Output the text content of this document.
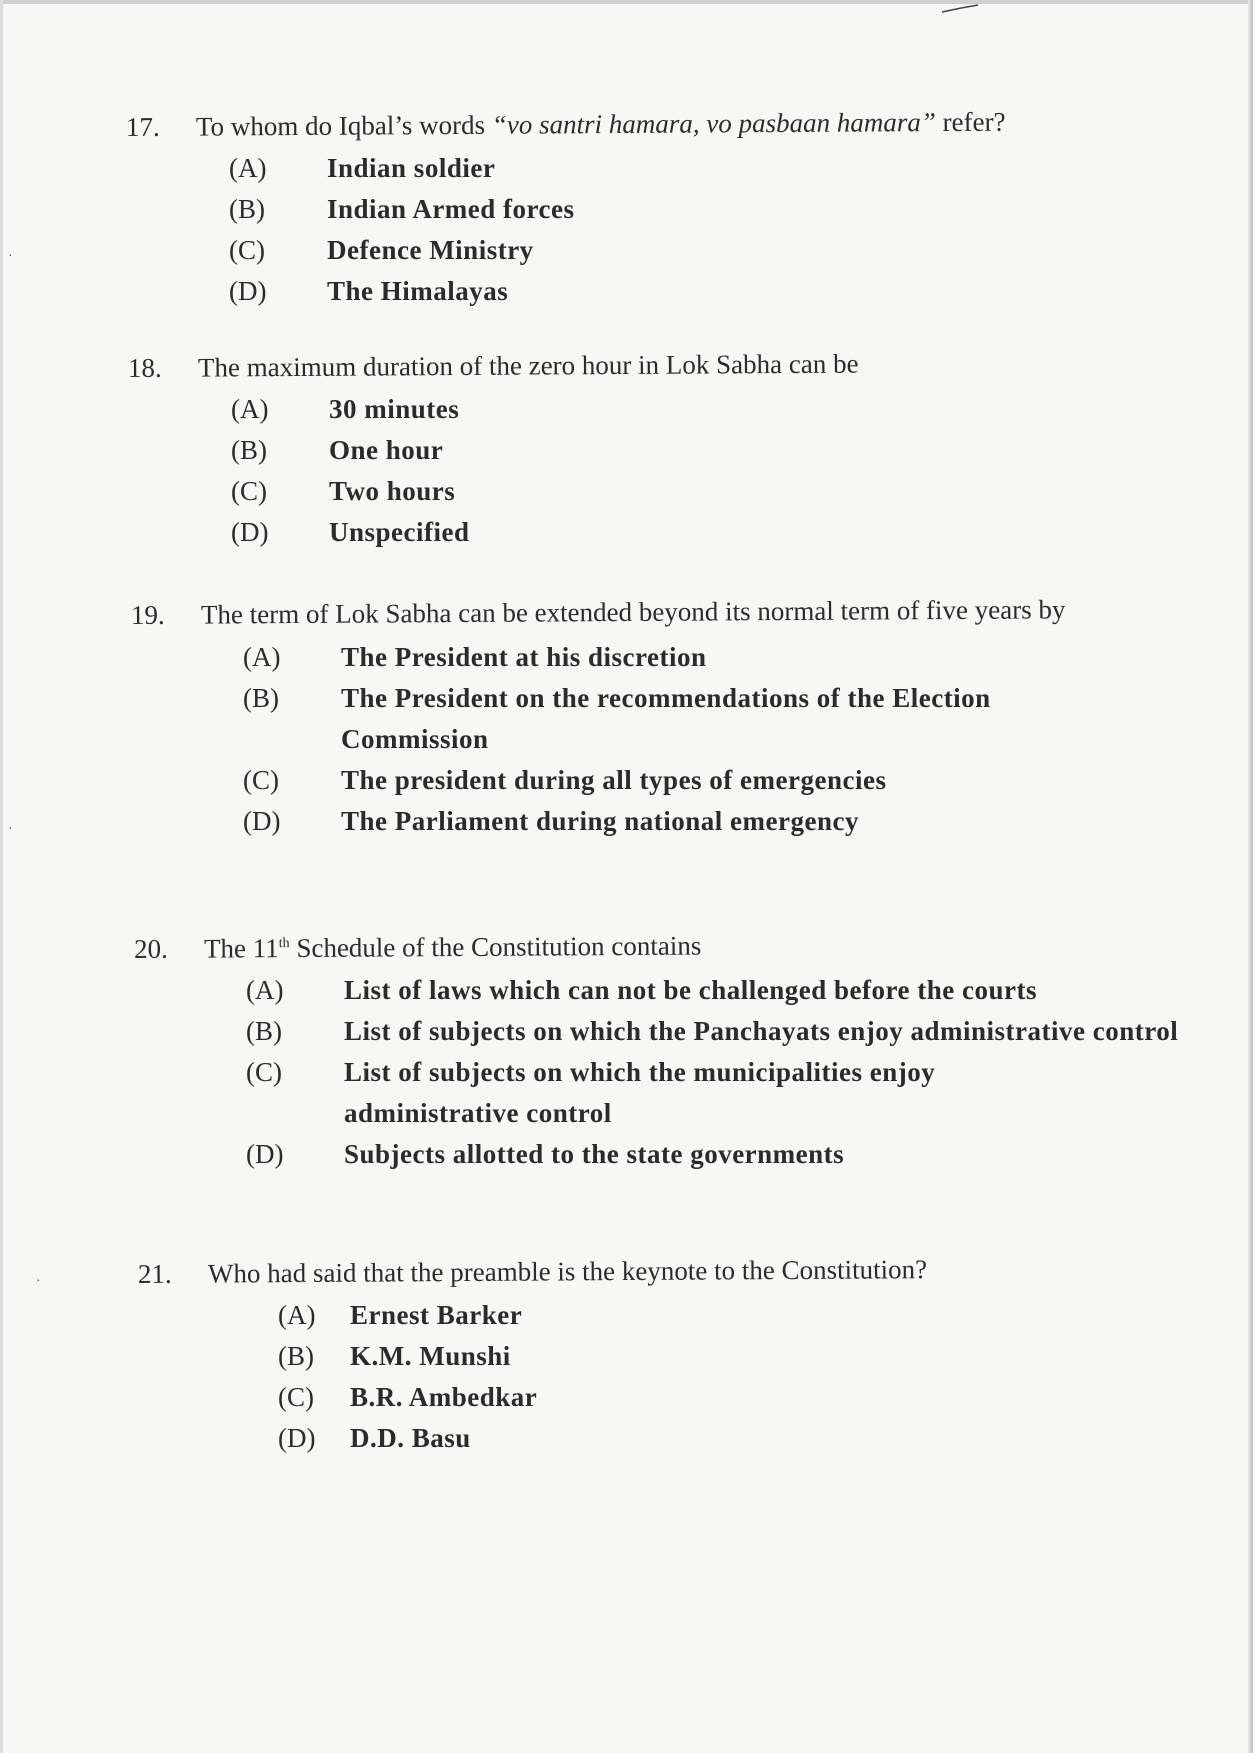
·
·
·
17.	To whom do Iqbal’s words “vo santri hamara, vo pasbaan hamara” refer?
(A)	Indian soldier
(B)	Indian Armed forces
(C)	Defence Ministry
(D)	The Himalayas
18.	The maximum duration of the zero hour in Lok Sabha can be
(A)	30 minutes
(B)	One hour
(C)	Two hours
(D)	Unspecified
19.	The term of Lok Sabha can be extended beyond its normal term of five years by
(A)	The President at his discretion
(B)	The President on the recommendations of the Election Commission
(C)	The president during all types of emergencies
(D)	The Parliament during national emergency
20.	The 11th Schedule of the Constitution contains
(A)	List of laws which can not be challenged before the courts
(B)	List of subjects on which the Panchayats enjoy administrative control
(C)	List of subjects on which the municipalities enjoy administrative control
(D)	Subjects allotted to the state governments
21.	Who had said that the preamble is the keynote to the Constitution?
(A)	Ernest Barker
(B)	K.M. Munshi
(C)	B.R. Ambedkar
(D)	D.D. Basu
